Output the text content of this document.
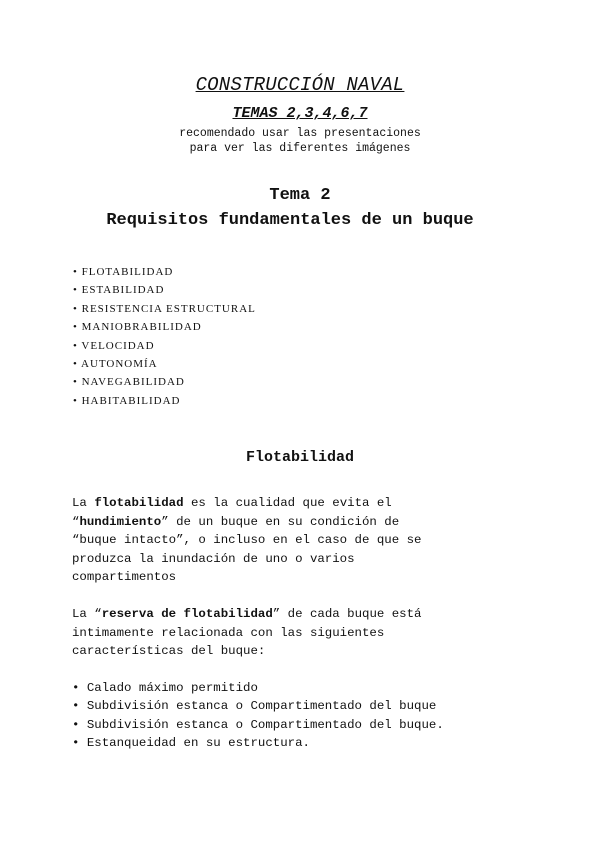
CONSTRUCCIÓN NAVAL
TEMAS 2,3,4,6,7
recomendado usar las presentaciones
para ver las diferentes imágenes
Tema 2
Requisitos fundamentales de un buque
• FLOTABILIDAD
• ESTABILIDAD
• RESISTENCIA ESTRUCTURAL
• MANIOBRABILIDAD
• VELOCIDAD
• AUTONOMÍA
• NAVEGABILIDAD
• HABITABILIDAD
Flotabilidad
La flotabilidad es la cualidad que evita el
“hundimiento” de un buque en su condición de
“buque intacto”, o incluso en el caso de que se
produzca la inundación de uno o varios
compartimentos
La “reserva de flotabilidad” de cada buque está
intimamente relacionada con las siguientes
características del buque:
• Calado máximo permitido
• Subdivisión estanca o Compartimentado del buque
• Subdivisión estanca o Compartimentado del buque.
• Estanqueidad en su estructura.
